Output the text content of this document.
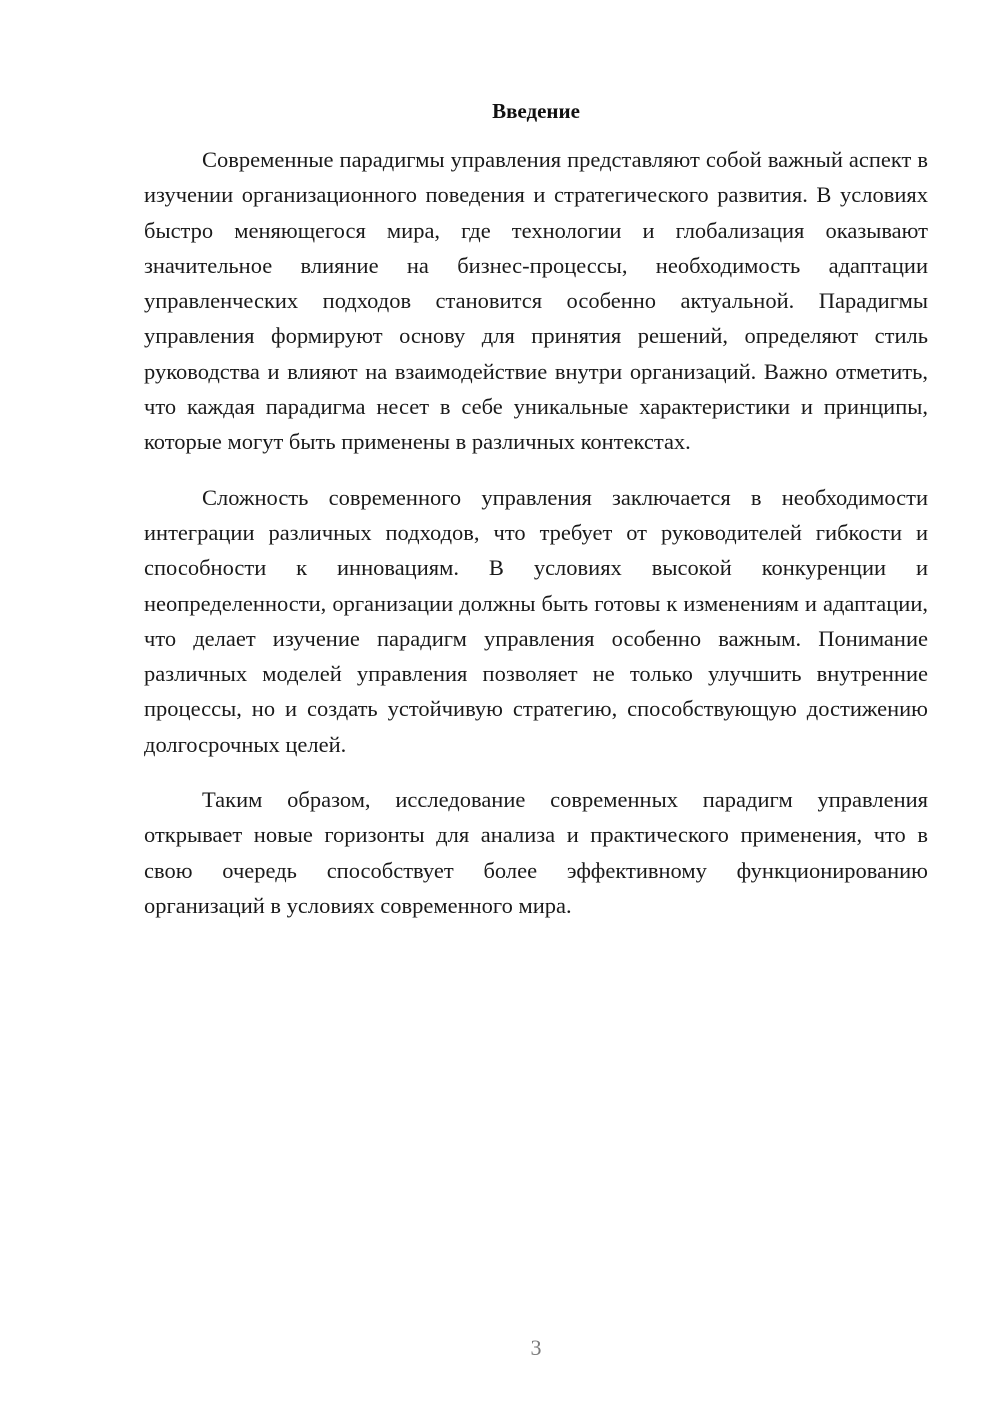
Введение

Современные парадигмы управления представляют собой важный аспект в изучении организационного поведения и стратегического развития. В условиях быстро меняющегося мира, где технологии и глобализация оказывают значительное влияние на бизнес-процессы, необходимость адаптации управленческих подходов становится особенно актуальной. Парадигмы управления формируют основу для принятия решений, определяют стиль руководства и влияют на взаимодействие внутри организаций. Важно отметить, что каждая парадигма несет в себе уникальные характеристики и принципы, которые могут быть применены в различных контекстах.

Сложность современного управления заключается в необходимости интеграции различных подходов, что требует от руководителей гибкости и способности к инновациям. В условиях высокой конкуренции и неопределенности, организации должны быть готовы к изменениям и адаптации, что делает изучение парадигм управления особенно важным. Понимание различных моделей управления позволяет не только улучшить внутренние процессы, но и создать устойчивую стратегию, способствующую достижению долгосрочных целей.

Таким образом, исследование современных парадигм управления открывает новые горизонты для анализа и практического применения, что в свою очередь способствует более эффективному функционированию организаций в условиях современного мира.

3
